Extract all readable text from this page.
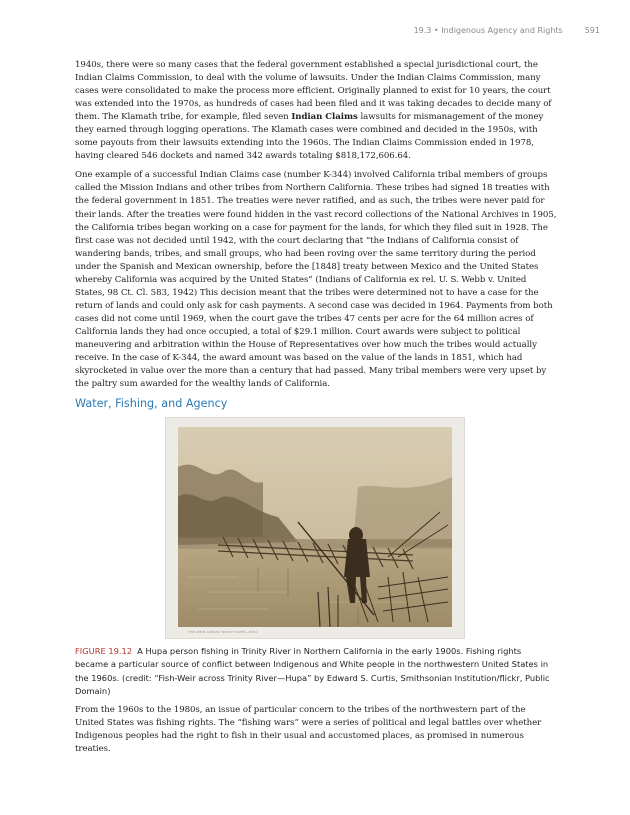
19.3 • Indigenous Agency and Rights	591

1940s, there were so many cases that the federal government established a special jurisdictional court, the Indian Claims Commission, to deal with the volume of lawsuits. Under the Indian Claims Commission, many cases were consolidated to make the process more efficient. Originally planned to exist for 10 years, the court was extended into the 1970s, as hundreds of cases had been filed and it was taking decades to decide many of them. The Klamath tribe, for example, filed seven Indian Claims lawsuits for mismanagement of the money they earned through logging operations. The Klamath cases were combined and decided in the 1950s, with some payouts from their lawsuits extending into the 1960s. The Indian Claims Commission ended in 1978, having cleared 546 dockets and named 342 awards totaling $818,172,606.64.

One example of a successful Indian Claims case (number K-344) involved California tribal members of groups called the Mission Indians and other tribes from Northern California. These tribes had signed 18 treaties with the federal government in 1851. The treaties were never ratified, and as such, the tribes were never paid for their lands. After the treaties were found hidden in the vast record collections of the National Archives in 1905, the California tribes began working on a case for payment for the lands, for which they filed suit in 1928. The first case was not decided until 1942, with the court declaring that “the Indians of California consist of wandering bands, tribes, and small groups, who had been roving over the same territory during the period under the Spanish and Mexican ownership, before the [1848] treaty between Mexico and the United States whereby California was acquired by the United States” (Indians of California ex rel. U. S. Webb v. United States, 98 Ct. Cl. 583, 1942) This decision meant that the tribes were determined not to have a case for the return of lands and could only ask for cash payments. A second case was decided in 1964. Payments from both cases did not come until 1969, when the court gave the tribes 47 cents per acre for the 64 million acres of California lands they had once occupied, a total of $29.1 million. Court awards were subject to political maneuvering and arbitration within the House of Representatives over how much the tribes would actually receive. In the case of K-344, the award amount was based on the value of the lands in 1851, which had skyrocketed in value over the more than a century that had passed. Many tribal members were very upset by the paltry sum awarded for the wealthy lands of California.

Water, Fishing, and Agency
FISH-WEIR ACROSS TRINITY RIVER—HUPA

FIGURE 19.12 A Hupa person fishing in Trinity River in Northern California in the early 1900s. Fishing rights became a particular source of conflict between Indigenous and White people in the northwestern United States in the 1960s. (credit: “Fish-Weir across Trinity River—Hupa” by Edward S. Curtis, Smithsonian Institution/flickr, Public Domain)

From the 1960s to the 1980s, an issue of particular concern to the tribes of the northwestern part of the United States was fishing rights. The “fishing wars” were a series of political and legal battles over whether Indigenous peoples had the right to fish in their usual and accustomed places, as promised in numerous treaties.
